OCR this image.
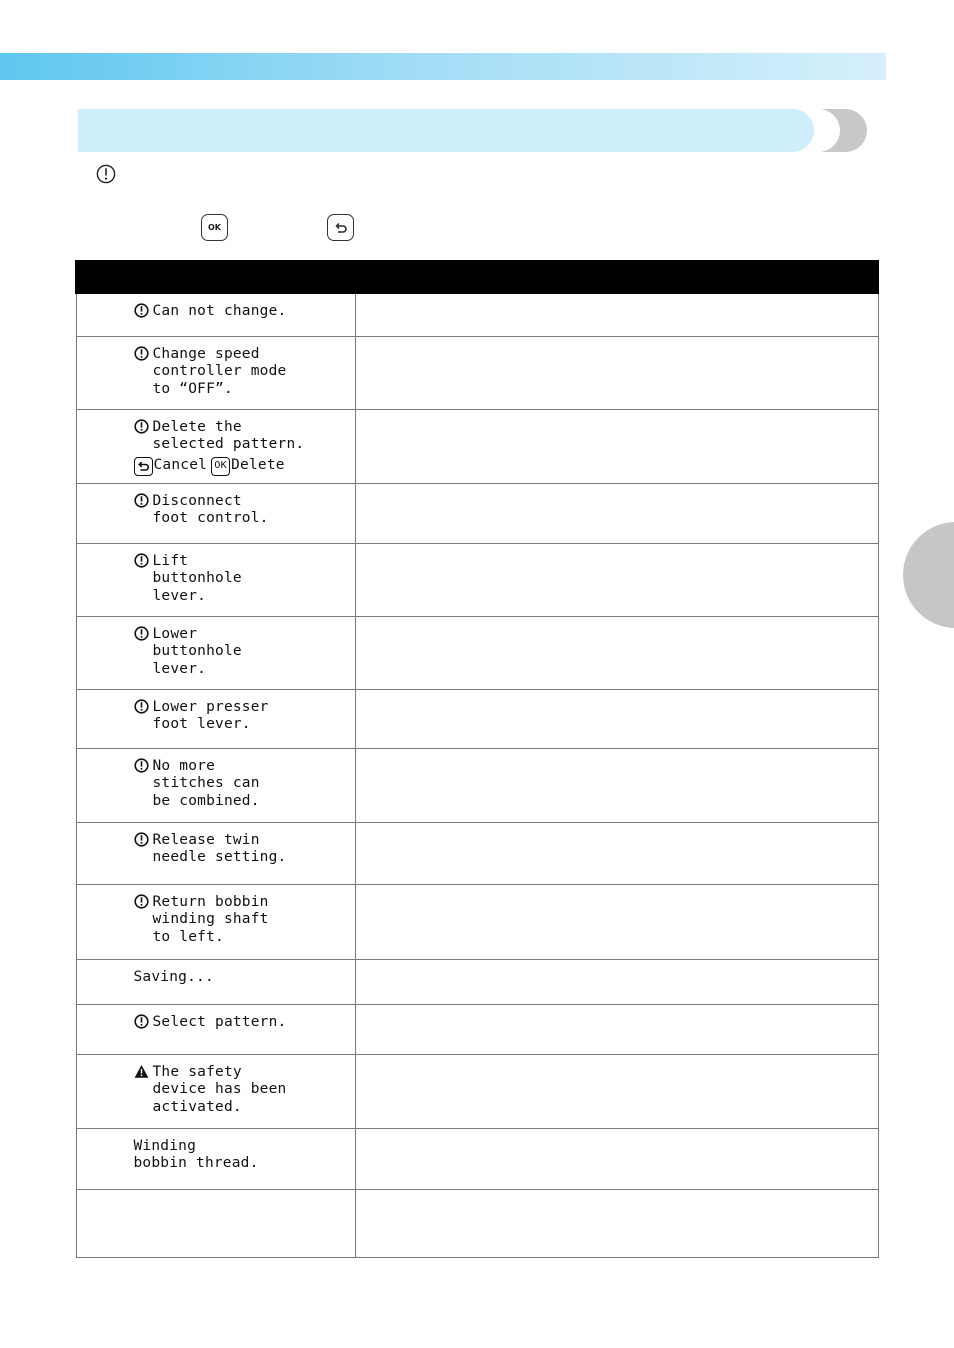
OK

Can not change.	

Change speed
controller mode
to “OFF”.	

Delete the
selected pattern.
Cancel OK Delete	

Disconnect
foot control.	

Lift
buttonhole
lever.	

Lower
buttonhole
lever.	

Lower presser
foot lever.	

No more
stitches can
be combined.	

Release twin
needle setting.	

Return bobbin
winding shaft
to left.	

Saving...	

Select pattern.	

The safety
device has been
activated.	

Winding
bobbin thread.	
